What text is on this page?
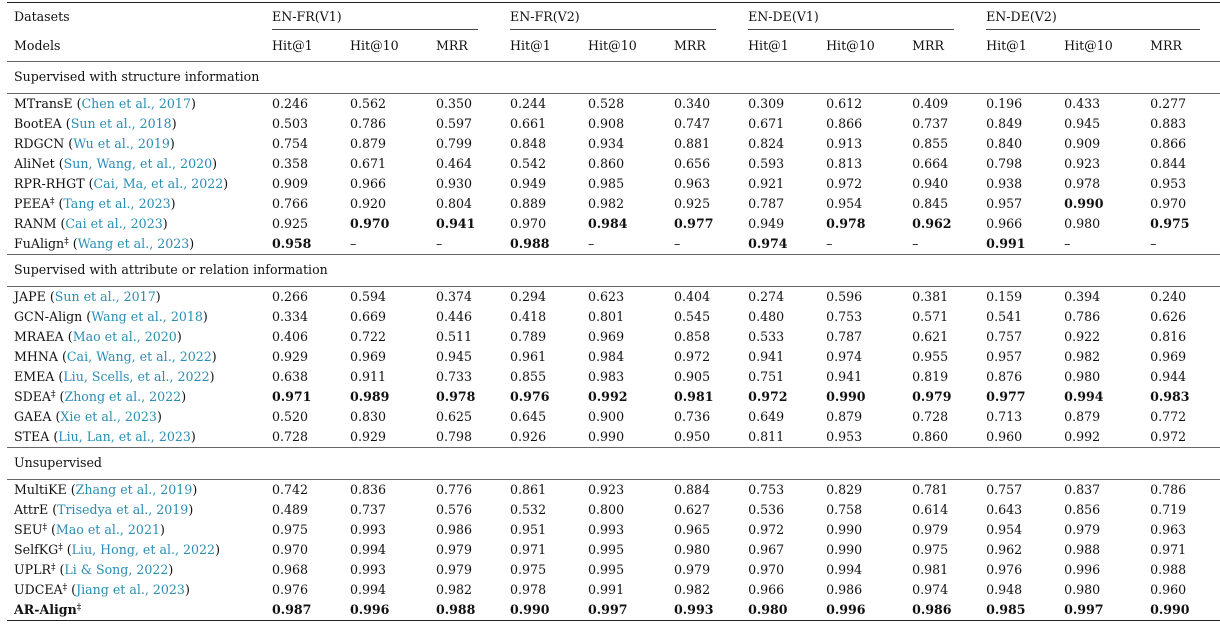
Datasets	EN-FR(V1)			EN-FR(V2)			EN-DE(V1)			EN-DE(V2)		

Models	Hit@1	Hit@10	MRR	Hit@1	Hit@10	MRR	Hit@1	Hit@10	MRR	Hit@1	Hit@10	MRR
Supervised with structure information												
MTransE (Chen et al., 2017)	0.246	0.562	0.350	0.244	0.528	0.340	0.309	0.612	0.409	0.196	0.433	0.277
BootEA (Sun et al., 2018)	0.503	0.786	0.597	0.661	0.908	0.747	0.671	0.866	0.737	0.849	0.945	0.883
RDGCN (Wu et al., 2019)	0.754	0.879	0.799	0.848	0.934	0.881	0.824	0.913	0.855	0.840	0.909	0.866
AliNet (Sun, Wang, et al., 2020)	0.358	0.671	0.464	0.542	0.860	0.656	0.593	0.813	0.664	0.798	0.923	0.844
RPR-RHGT (Cai, Ma, et al., 2022)	0.909	0.966	0.930	0.949	0.985	0.963	0.921	0.972	0.940	0.938	0.978	0.953
PEEA‡ (Tang et al., 2023)	0.766	0.920	0.804	0.889	0.982	0.925	0.787	0.954	0.845	0.957	0.990	0.970
RANM (Cai et al., 2023)	0.925	0.970	0.941	0.970	0.984	0.977	0.949	0.978	0.962	0.966	0.980	0.975
FuAlign‡ (Wang et al., 2023)	0.958	–	–	0.988	–	–	0.974	–	–	0.991	–	–
Supervised with attribute or relation information												
JAPE (Sun et al., 2017)	0.266	0.594	0.374	0.294	0.623	0.404	0.274	0.596	0.381	0.159	0.394	0.240
GCN-Align (Wang et al., 2018)	0.334	0.669	0.446	0.418	0.801	0.545	0.480	0.753	0.571	0.541	0.786	0.626
MRAEA (Mao et al., 2020)	0.406	0.722	0.511	0.789	0.969	0.858	0.533	0.787	0.621	0.757	0.922	0.816
MHNA (Cai, Wang, et al., 2022)	0.929	0.969	0.945	0.961	0.984	0.972	0.941	0.974	0.955	0.957	0.982	0.969
EMEA (Liu, Scells, et al., 2022)	0.638	0.911	0.733	0.855	0.983	0.905	0.751	0.941	0.819	0.876	0.980	0.944
SDEA‡ (Zhong et al., 2022)	0.971	0.989	0.978	0.976	0.992	0.981	0.972	0.990	0.979	0.977	0.994	0.983
GAEA (Xie et al., 2023)	0.520	0.830	0.625	0.645	0.900	0.736	0.649	0.879	0.728	0.713	0.879	0.772
STEA (Liu, Lan, et al., 2023)	0.728	0.929	0.798	0.926	0.990	0.950	0.811	0.953	0.860	0.960	0.992	0.972
Unsupervised												
MultiKE (Zhang et al., 2019)	0.742	0.836	0.776	0.861	0.923	0.884	0.753	0.829	0.781	0.757	0.837	0.786
AttrE (Trisedya et al., 2019)	0.489	0.737	0.576	0.532	0.800	0.627	0.536	0.758	0.614	0.643	0.856	0.719
SEU‡ (Mao et al., 2021)	0.975	0.993	0.986	0.951	0.993	0.965	0.972	0.990	0.979	0.954	0.979	0.963
SelfKG‡ (Liu, Hong, et al., 2022)	0.970	0.994	0.979	0.971	0.995	0.980	0.967	0.990	0.975	0.962	0.988	0.971
UPLR‡ (Li & Song, 2022)	0.968	0.993	0.979	0.975	0.995	0.979	0.970	0.994	0.981	0.976	0.996	0.988
UDCEA‡ (Jiang et al., 2023)	0.976	0.994	0.982	0.978	0.991	0.982	0.966	0.986	0.974	0.948	0.980	0.960
AR-Align‡	0.987	0.996	0.988	0.990	0.997	0.993	0.980	0.996	0.986	0.985	0.997	0.990
